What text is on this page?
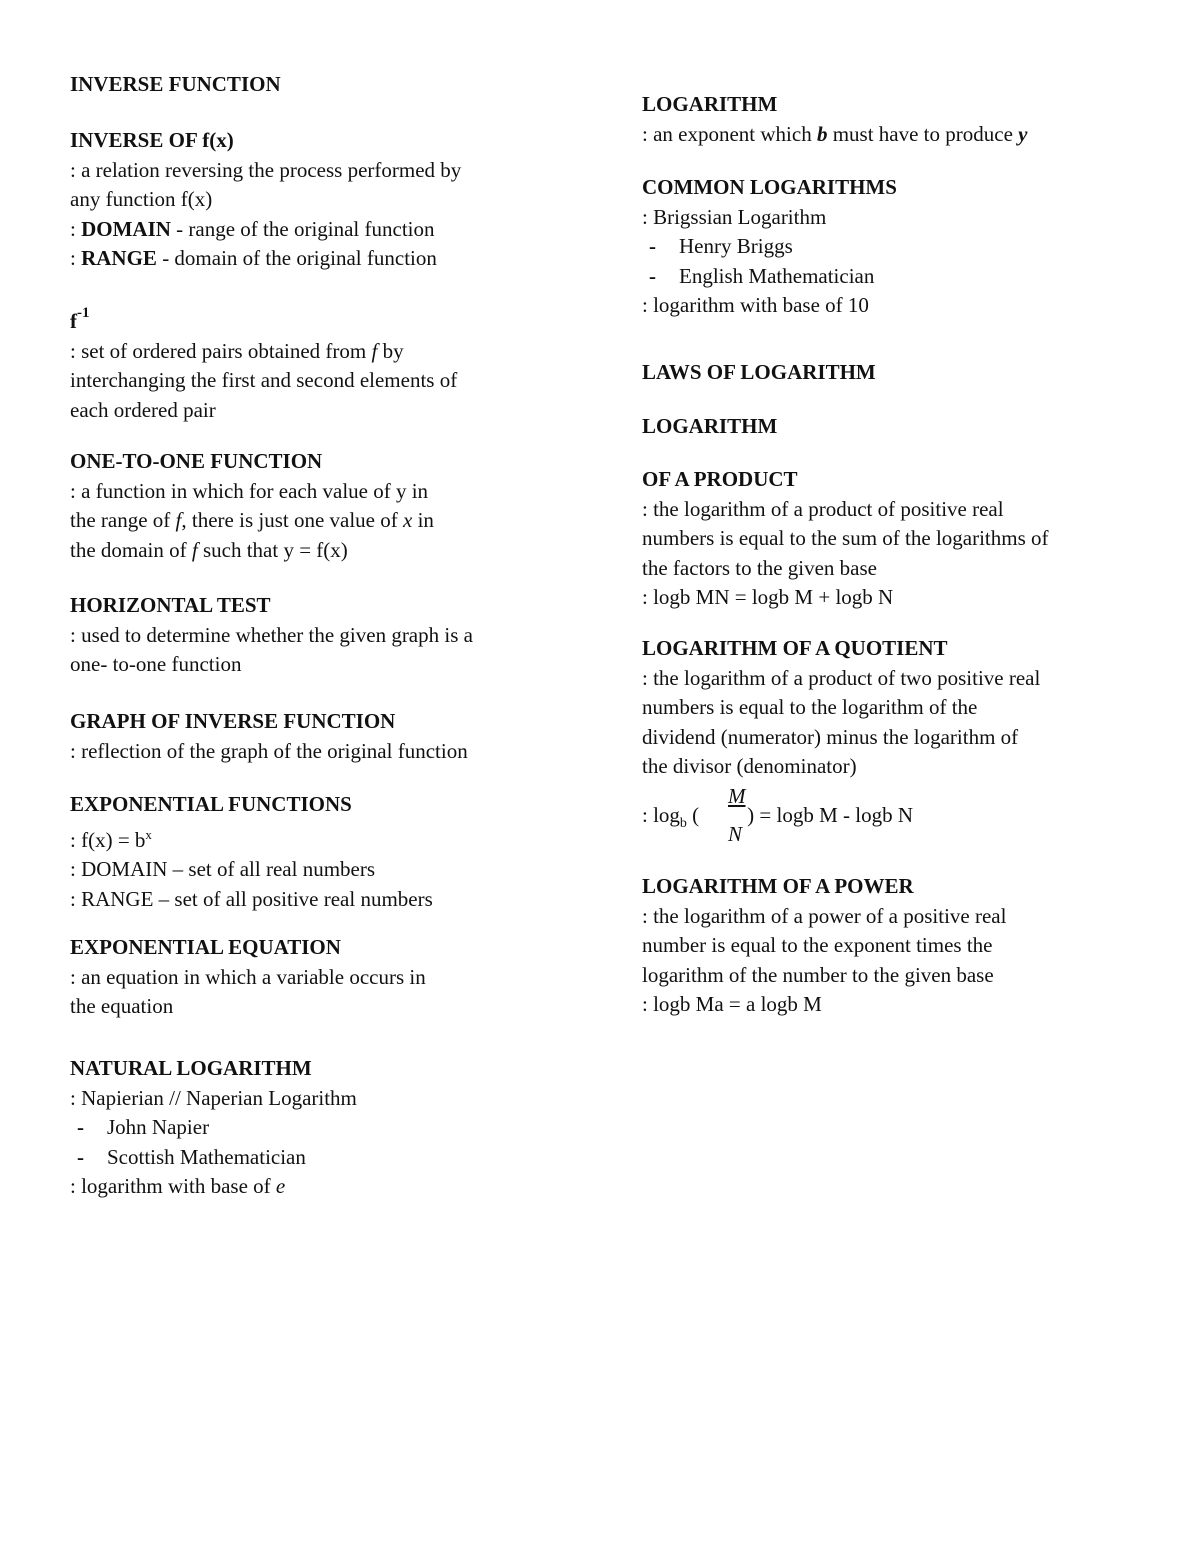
INVERSE FUNCTION
INVERSE OF f(x)
: a relation reversing the process performed by
any function f(x)
: DOMAIN - range of the original function
: RANGE - domain of the original function
$f^{-1}$
: set of ordered pairs obtained from f by
interchanging the first and second elements of
each ordered pair
ONE-TO-ONE FUNCTION
: a function in which for each value of y in
the range of f, there is just one value of x in
the domain of f such that y = f(x)
HORIZONTAL TEST
: used to determine whether the given graph is a
one- to-one function
GRAPH OF INVERSE FUNCTION
: reflection of the graph of the original function
EXPONENTIAL FUNCTIONS
: $f(x) = b^x$
: DOMAIN – set of all real numbers
: RANGE – set of all positive real numbers
EXPONENTIAL EQUATION
: an equation in which a variable occurs in
the equation
NATURAL LOGARITHM
: Napierian // Naperian Logarithm
- John Napier
- Scottish Mathematician
: logarithm with base of e
LOGARITHM
: an exponent which b must have to produce y
COMMON LOGARITHMS
: Brigssian Logarithm
- Henry Briggs
- English Mathematician
: logarithm with base of 10
LAWS OF LOGARITHM
LOGARITHM
OF A PRODUCT
: the logarithm of a product of positive real
numbers is equal to the sum of the logarithms of
the factors to the given base
: logb MN = logb M + logb N
LOGARITHM OF A QUOTIENT
: the logarithm of a product of two positive real
numbers is equal to the logarithm of the
dividend (numerator) minus the logarithm of
the divisor (denominator)
M
: $\log_b$ ( ) = logb M - logb N
N
LOGARITHM OF A POWER
: the logarithm of a power of a positive real
number is equal to the exponent times the
logarithm of the number to the given base
: logb Ma = a logb M
